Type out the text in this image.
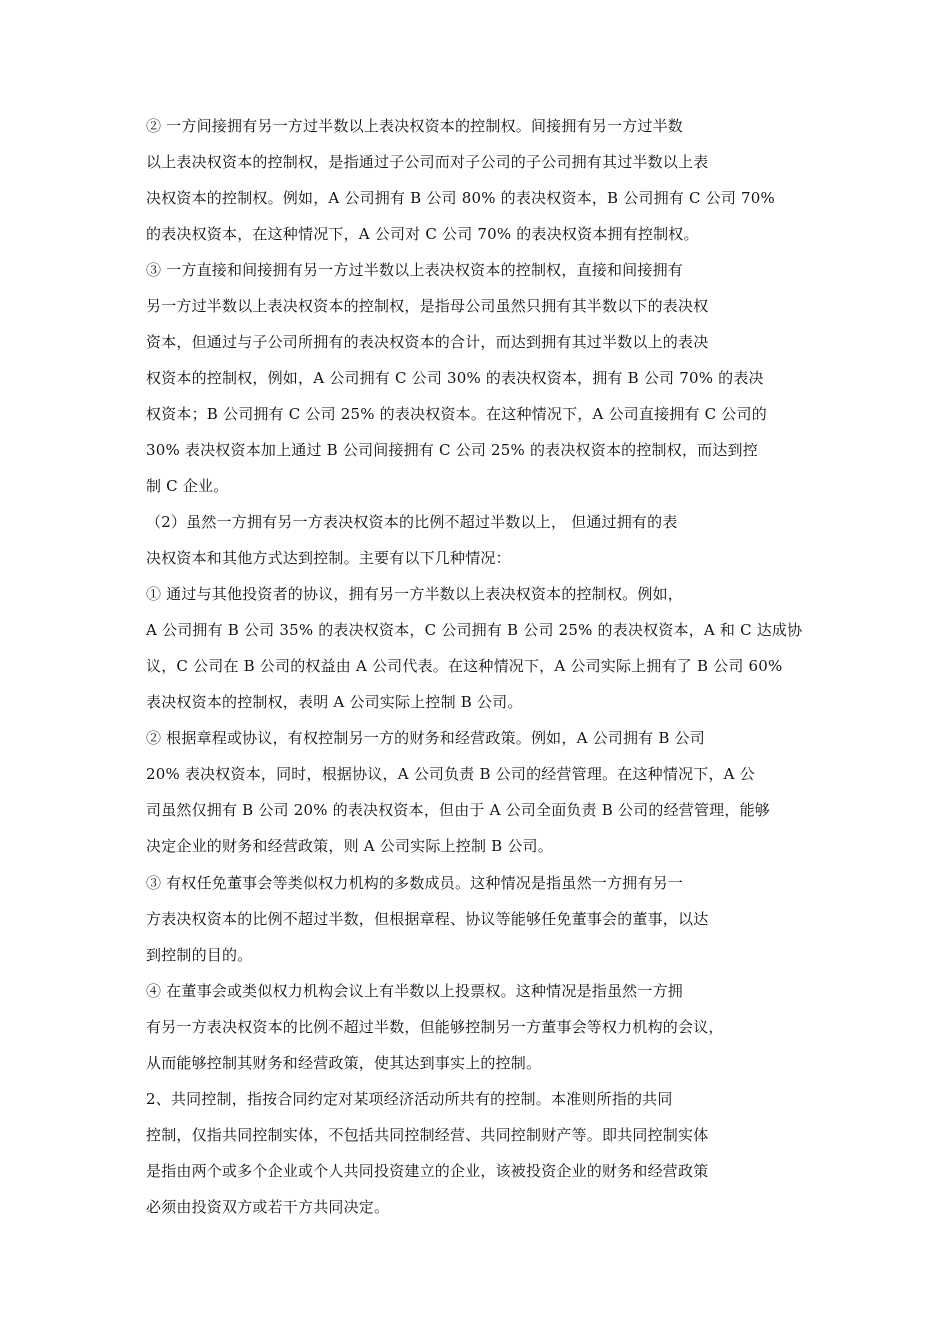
② 一方间接拥有另一方过半数以上表决权资本的控制权。间接拥有另一方过半数
以上表决权资本的控制权，是指通过子公司而对子公司的子公司拥有其过半数以上表
决权资本的控制权。例如，A 公司拥有 B 公司 80% 的表决权资本，B 公司拥有 C 公司 70%
的表决权资本，在这种情况下，A 公司对 C 公司 70% 的表决权资本拥有控制权。
③ 一方直接和间接拥有另一方过半数以上表决权资本的控制权，直接和间接拥有
另一方过半数以上表决权资本的控制权，是指母公司虽然只拥有其半数以下的表决权
资本，但通过与子公司所拥有的表决权资本的合计，而达到拥有其过半数以上的表决
权资本的控制权，例如，A 公司拥有 C 公司 30% 的表决权资本，拥有 B 公司 70% 的表决
权资本；B 公司拥有 C 公司 25% 的表决权资本。在这种情况下，A 公司直接拥有 C 公司的
30% 表决权资本加上通过 B 公司间接拥有 C 公司 25% 的表决权资本的控制权，而达到控
制 C 企业。
（2）虽然一方拥有另一方表决权资本的比例不超过半数以上， 但通过拥有的表
决权资本和其他方式达到控制。主要有以下几种情况：
① 通过与其他投资者的协议，拥有另一方半数以上表决权资本的控制权。例如，
A 公司拥有 B 公司 35% 的表决权资本，C 公司拥有 B 公司 25% 的表决权资本，A 和 C 达成协
议，C 公司在 B 公司的权益由 A 公司代表。在这种情况下，A 公司实际上拥有了 B 公司 60%
表决权资本的控制权，表明 A 公司实际上控制 B 公司。
② 根据章程或协议，有权控制另一方的财务和经营政策。例如，A 公司拥有 B 公司
20% 表决权资本，同时，根据协议，A 公司负责 B 公司的经营管理。在这种情况下，A 公
司虽然仅拥有 B 公司 20% 的表决权资本，但由于 A 公司全面负责 B 公司的经营管理，能够
决定企业的财务和经营政策，则 A 公司实际上控制 B 公司。
③ 有权任免董事会等类似权力机构的多数成员。这种情况是指虽然一方拥有另一
方表决权资本的比例不超过半数，但根据章程、协议等能够任免董事会的董事，以达
到控制的目的。
④ 在董事会或类似权力机构会议上有半数以上投票权。这种情况是指虽然一方拥
有另一方表决权资本的比例不超过半数，但能够控制另一方董事会等权力机构的会议，
从而能够控制其财务和经营政策，使其达到事实上的控制。
2、共同控制，指按合同约定对某项经济活动所共有的控制。本准则所指的共同
控制，仅指共同控制实体，不包括共同控制经营、共同控制财产等。即共同控制实体
是指由两个或多个企业或个人共同投资建立的企业，该被投资企业的财务和经营政策
必须由投资双方或若干方共同决定。
